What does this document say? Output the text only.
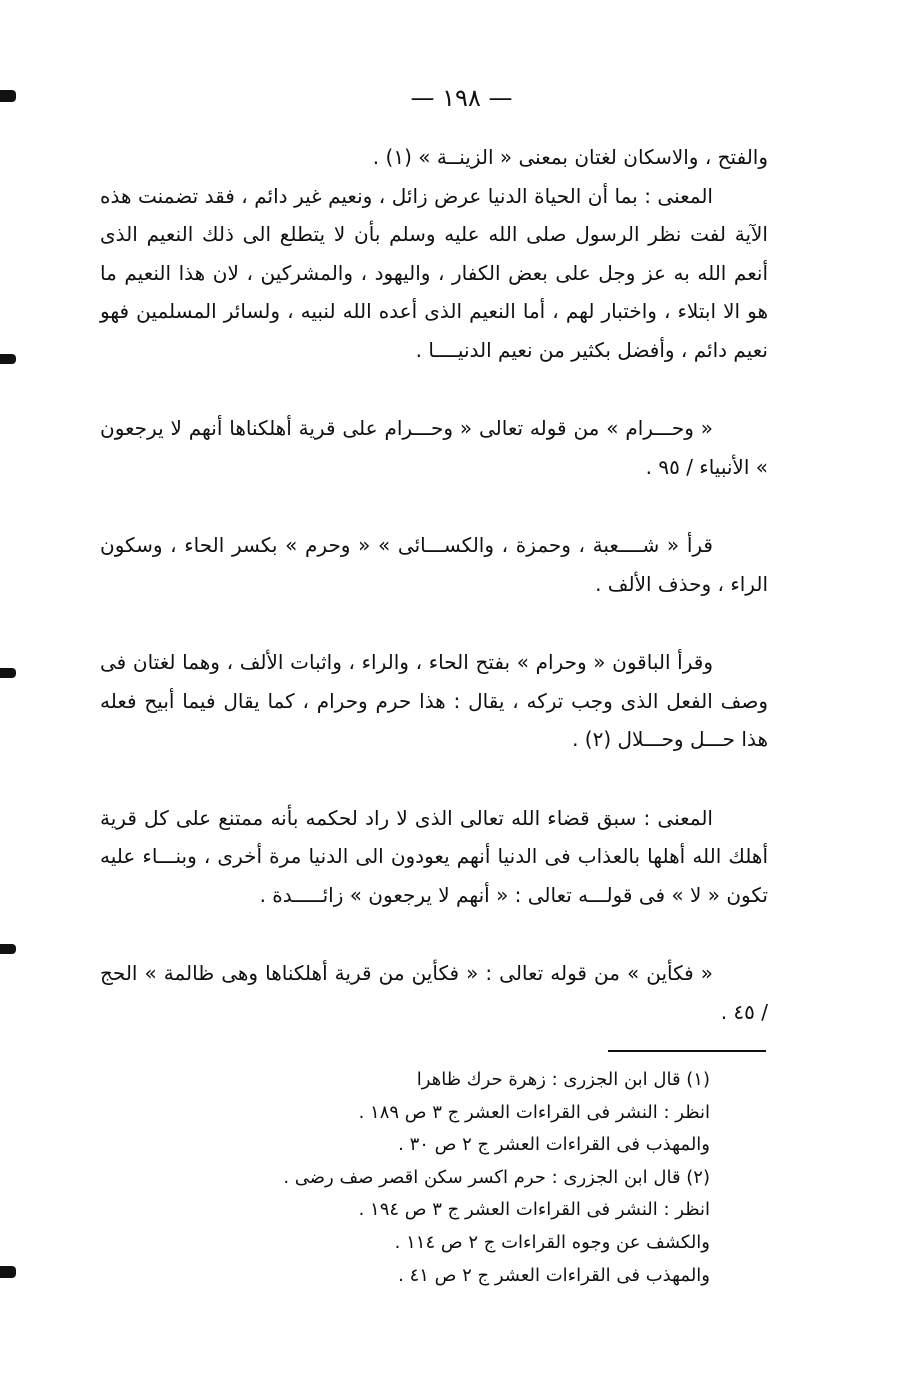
— ١٩٨ —

والفتح ، والاسكان لغتان بمعنى « الزينــة » (١) .

المعنى : بما أن الحياة الدنيا عرض زائل ، ونعيم غير دائم ، فقد تضمنت هذه الآية لفت نظر الرسول صلى الله عليه وسلم بأن لا يتطلع الى ذلك النعيم الذى أنعم الله به عز وجل على بعض الكفار ، واليهود ، والمشركين ، لان هذا النعيم ما هو الا ابتلاء ، واختبار لهم ، أما النعيم الذى أعده الله لنبيه ، ولسائر المسلمين فهو نعيم دائم ، وأفضل بكثير من نعيم الدنيــــا .

« وحـــرام » من قوله تعالى « وحـــرام على قرية أهلكناها أنهم لا يرجعون » الأنبياء / ٩٥ .

قرأ « شــــعبة ، وحمزة ، والكســـائى » « وحرم » بكسر الحاء ، وسكون الراء ، وحذف الألف .

وقرأ الباقون « وحرام » بفتح الحاء ، والراء ، واثبات الألف ، وهما لغتان فى وصف الفعل الذى وجب تركه ، يقال : هذا حرم وحرام ، كما يقال فيما أبيح فعله هذا حـــل وحـــلال (٢) .

المعنى : سبق قضاء الله تعالى الذى لا راد لحكمه بأنه ممتنع على كل قرية أهلك الله أهلها بالعذاب فى الدنيا أنهم يعودون الى الدنيا مرة أخرى ، وبنـــاء عليه تكون « لا » فى قولـــه تعالى : « أنهم لا يرجعون » زائـــــدة .

« فكأين » من قوله تعالى : « فكأين من قرية أهلكناها وهى ظالمة » الحج / ٤٥ .

(١) قال ابن الجزرى : زهرة حرك ظاهرا
انظر : النشر فى القراءات العشر ج ٣ ص ١٨٩ .
والمهذب فى القراءات العشر ج ٢ ص ٣٠ .
(٢) قال ابن الجزرى : حرم اكسر سكن اقصر صف رضى .
انظر : النشر فى القراءات العشر ج ٣ ص ١٩٤ .
والكشف عن وجوه القراءات ج ٢ ص ١١٤ .
والمهذب فى القراءات العشر ج ٢ ص ٤١ .
